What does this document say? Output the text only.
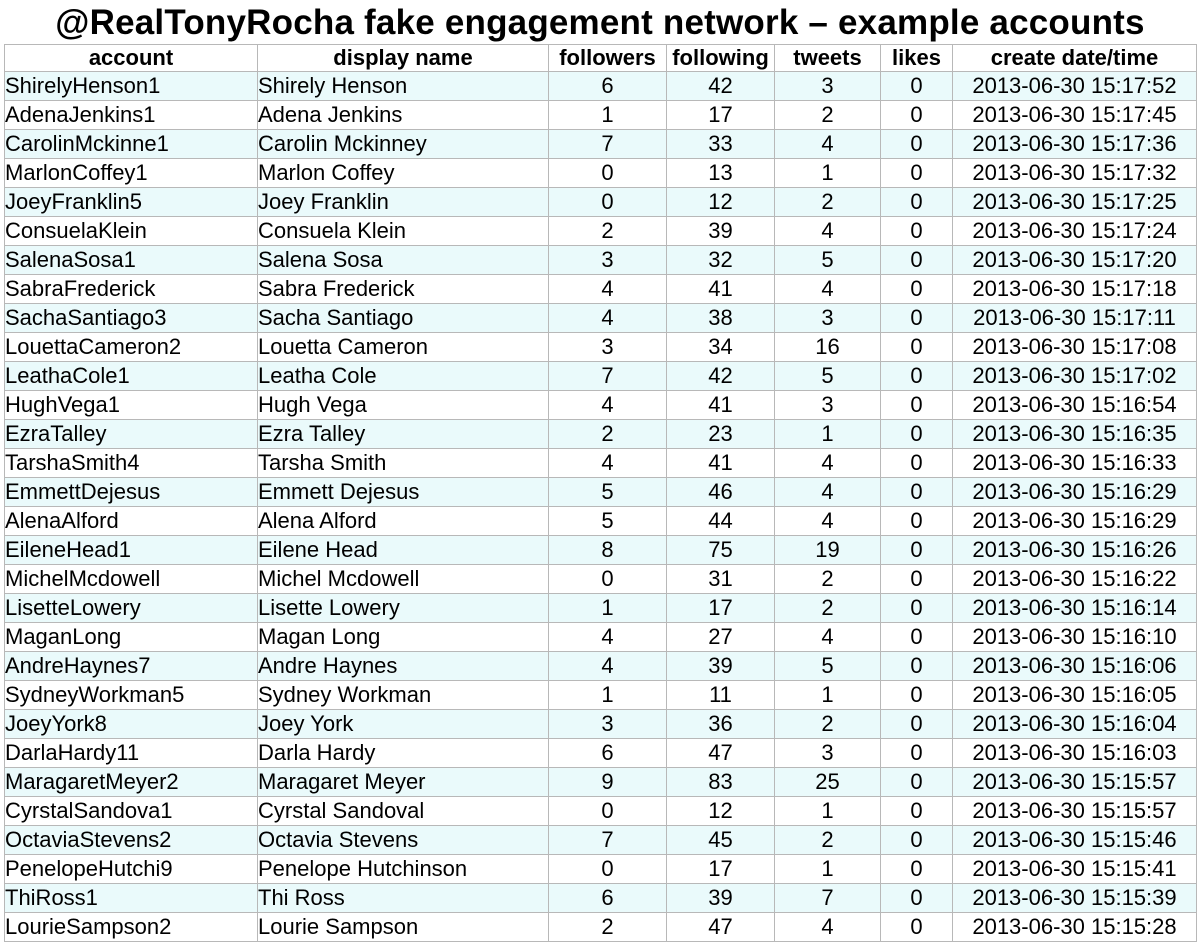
@RealTonyRocha fake engagement network – example accounts
account	display name	followers	following	tweets	likes	create date/time
ShirelyHenson1	Shirely Henson	6	42	3	0	2013-06-30 15:17:52
AdenaJenkins1	Adena Jenkins	1	17	2	0	2013-06-30 15:17:45
CarolinMckinne1	Carolin Mckinney	7	33	4	0	2013-06-30 15:17:36
MarlonCoffey1	Marlon Coffey	0	13	1	0	2013-06-30 15:17:32
JoeyFranklin5	Joey Franklin	0	12	2	0	2013-06-30 15:17:25
ConsuelaKlein	Consuela Klein	2	39	4	0	2013-06-30 15:17:24
SalenaSosa1	Salena Sosa	3	32	5	0	2013-06-30 15:17:20
SabraFrederick	Sabra Frederick	4	41	4	0	2013-06-30 15:17:18
SachaSantiago3	Sacha Santiago	4	38	3	0	2013-06-30 15:17:11
LouettaCameron2	Louetta Cameron	3	34	16	0	2013-06-30 15:17:08
LeathaCole1	Leatha Cole	7	42	5	0	2013-06-30 15:17:02
HughVega1	Hugh Vega	4	41	3	0	2013-06-30 15:16:54
EzraTalley	Ezra Talley	2	23	1	0	2013-06-30 15:16:35
TarshaSmith4	Tarsha Smith	4	41	4	0	2013-06-30 15:16:33
EmmettDejesus	Emmett Dejesus	5	46	4	0	2013-06-30 15:16:29
AlenaAlford	Alena Alford	5	44	4	0	2013-06-30 15:16:29
EileneHead1	Eilene Head	8	75	19	0	2013-06-30 15:16:26
MichelMcdowell	Michel Mcdowell	0	31	2	0	2013-06-30 15:16:22
LisetteLowery	Lisette Lowery	1	17	2	0	2013-06-30 15:16:14
MaganLong	Magan Long	4	27	4	0	2013-06-30 15:16:10
AndreHaynes7	Andre Haynes	4	39	5	0	2013-06-30 15:16:06
SydneyWorkman5	Sydney Workman	1	11	1	0	2013-06-30 15:16:05
JoeyYork8	Joey York	3	36	2	0	2013-06-30 15:16:04
DarlaHardy11	Darla Hardy	6	47	3	0	2013-06-30 15:16:03
MaragaretMeyer2	Maragaret Meyer	9	83	25	0	2013-06-30 15:15:57
CyrstalSandova1	Cyrstal Sandoval	0	12	1	0	2013-06-30 15:15:57
OctaviaStevens2	Octavia Stevens	7	45	2	0	2013-06-30 15:15:46
PenelopeHutchi9	Penelope Hutchinson	0	17	1	0	2013-06-30 15:15:41
ThiRoss1	Thi Ross	6	39	7	0	2013-06-30 15:15:39
LourieSampson2	Lourie Sampson	2	47	4	0	2013-06-30 15:15:28
